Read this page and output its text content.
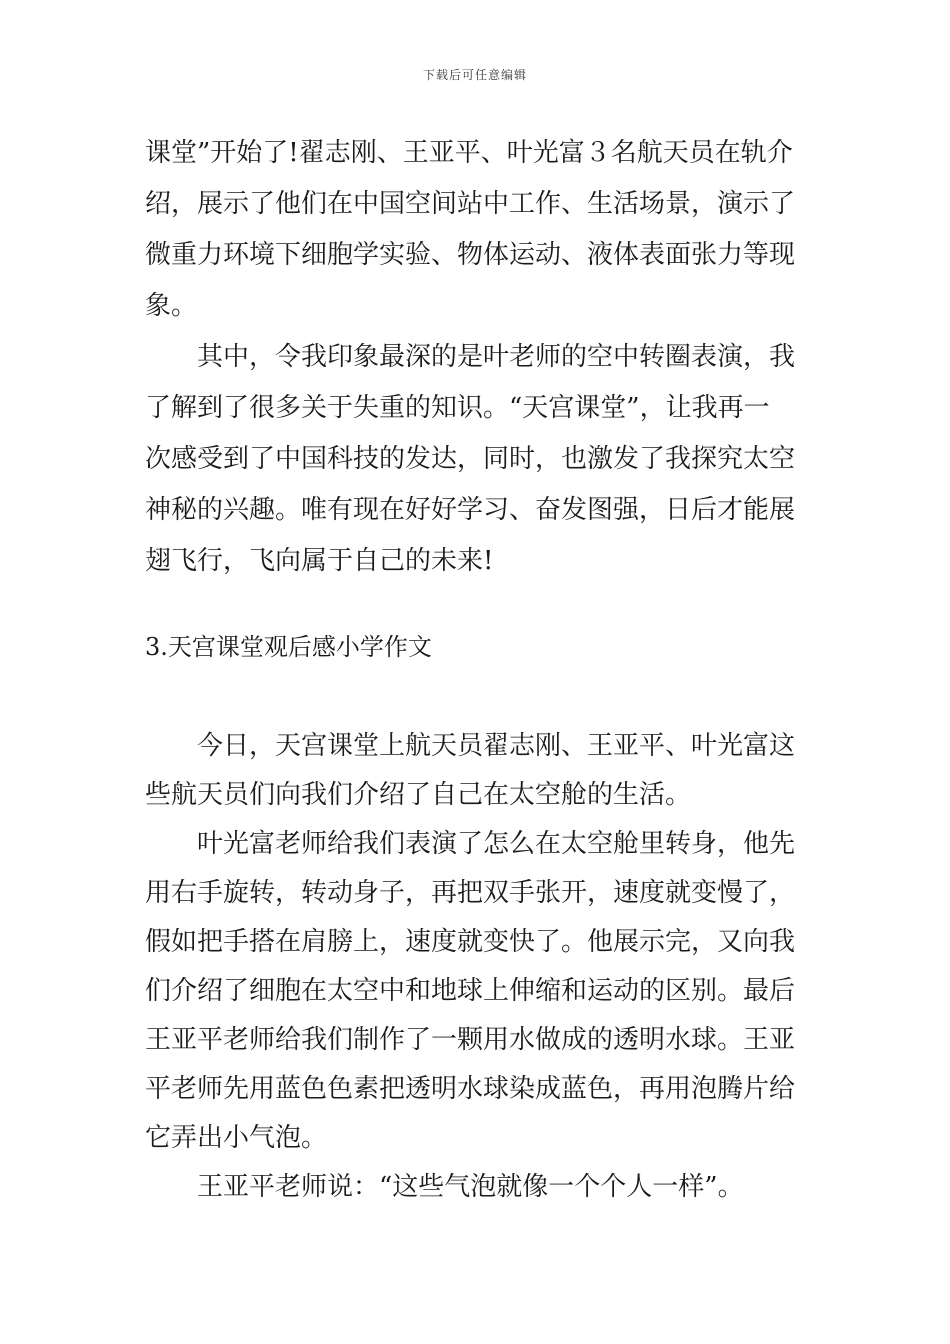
下载后可任意编辑
课堂”开始了!翟志刚、王亚平、叶光富３名航天员在轨介
绍，展示了他们在中国空间站中工作、生活场景，演示了
微重力环境下细胞学实验、物体运动、液体表面张力等现
象。
　　其中，令我印象最深的是叶老师的空中转圈表演，我
了解到了很多关于失重的知识。“天宫课堂”，让我再一
次感受到了中国科技的发达，同时，也激发了我探究太空
神秘的兴趣。唯有现在好好学习、奋发图强，日后才能展
翅飞行，飞向属于自己的未来!
3.天宫课堂观后感小学作文
　　今日，天宫课堂上航天员翟志刚、王亚平、叶光富这
些航天员们向我们介绍了自己在太空舱的生活。
　　叶光富老师给我们表演了怎么在太空舱里转身，他先
用右手旋转，转动身子，再把双手张开，速度就变慢了，
假如把手搭在肩膀上，速度就变快了。他展示完，又向我
们介绍了细胞在太空中和地球上伸缩和运动的区别。最后
王亚平老师给我们制作了一颗用水做成的透明水球。王亚
平老师先用蓝色色素把透明水球染成蓝色，再用泡腾片给
它弄出小气泡。
　　王亚平老师说：“这些气泡就像一个个人一样”。
